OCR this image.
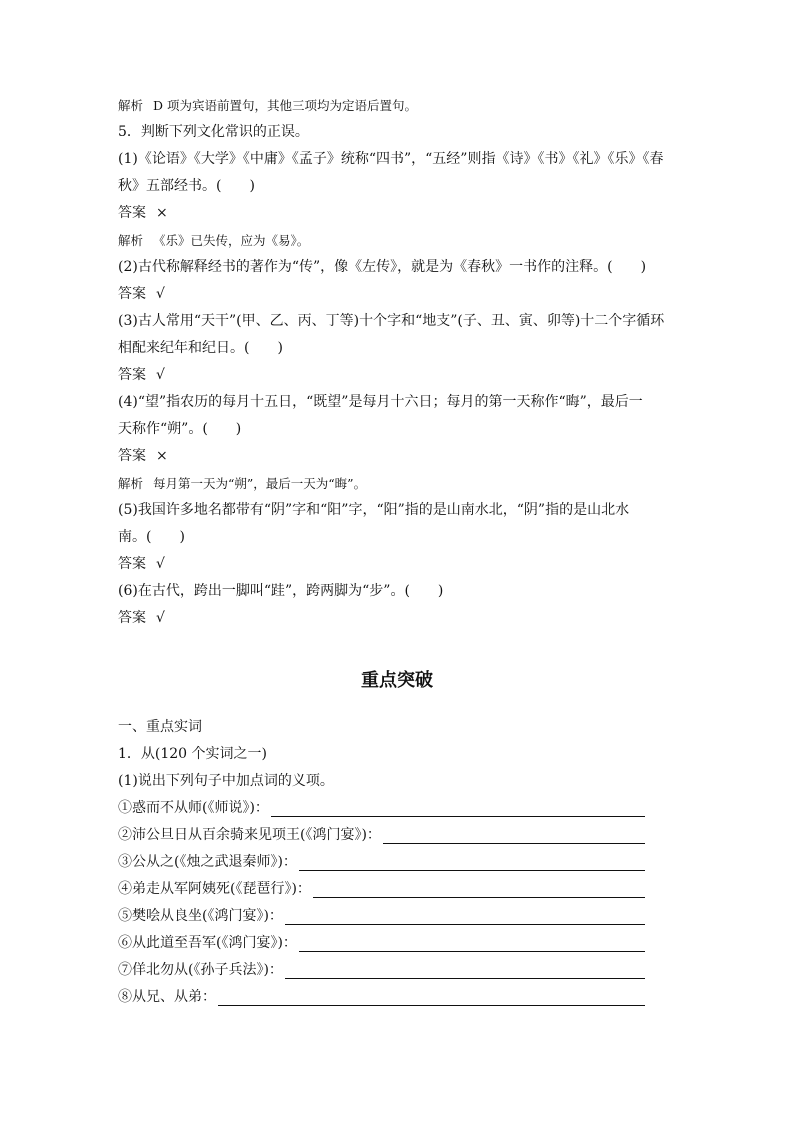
解析 D 项为宾语前置句，其他三项均为定语后置句。
5．判断下列文化常识的正误。
(1)《论语》《大学》《中庸》《孟子》统称“四书”，“五经”则指《诗》《书》《礼》《乐》《春
秋》五部经书。(　　)
答案 ×
解析 《乐》已失传，应为《易》。
(2)古代称解释经书的著作为“传”，像《左传》，就是为《春秋》一书作的注释。(　　)
答案 √
(3)古人常用“天干”(甲、乙、丙、丁等)十个字和“地支”(子、丑、寅、卯等)十二个字循环
相配来纪年和纪日。(　　)
答案 √
(4)“望”指农历的每月十五日，“既望”是每月十六日；每月的第一天称作“晦”，最后一
天称作“朔”。(　　)
答案 ×
解析 每月第一天为“朔”，最后一天为“晦”。
(5)我国许多地名都带有“阴”字和“阳”字，“阳”指的是山南水北，“阴”指的是山北水
南。(　　)
答案 √
(6)在古代，跨出一脚叫“跬”，跨两脚为“步”。(　　)
答案 √
重点突破
一、重点实词
1．从(120 个实词之一)
(1)说出下列句子中加点词的义项。
①惑而不从师(《师说》)：
②沛公旦日从百余骑来见项王(《鸿门宴》)：
③公从之(《烛之武退秦师》)：
④弟走从军阿姨死(《琵琶行》)：
⑤樊哙从良坐(《鸿门宴》)：
⑥从此道至吾军(《鸿门宴》)：
⑦佯北勿从(《孙子兵法》)：
⑧从兄、从弟：
